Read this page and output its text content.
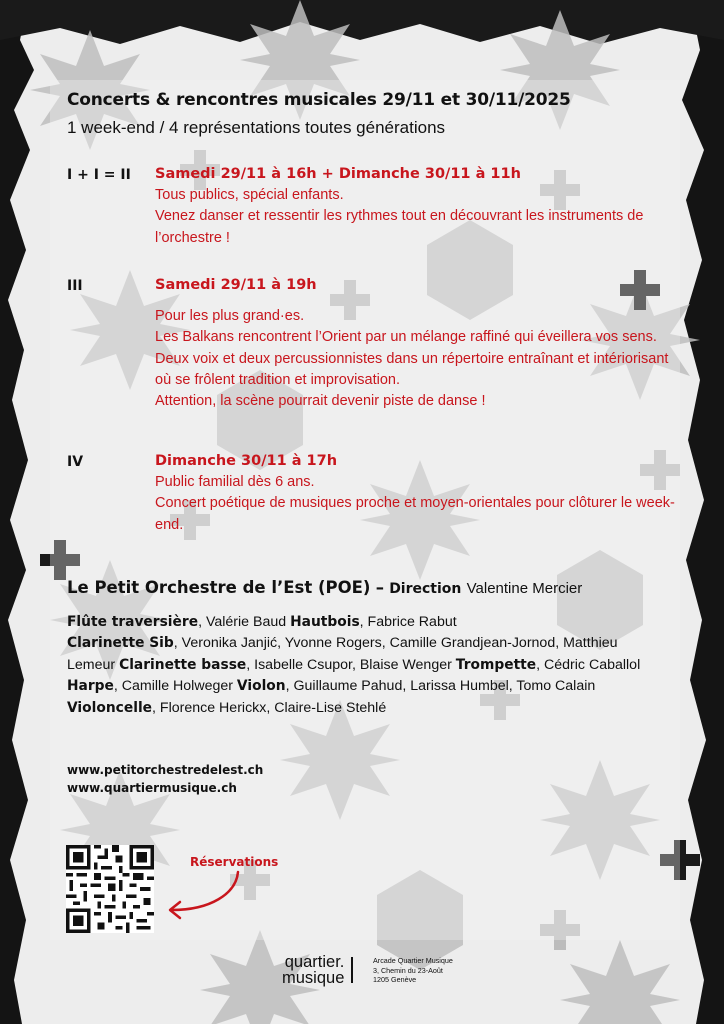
Concerts & rencontres musicales 29/11 et 30/11/2025
1 week-end / 4 représentations toutes générations
I + I = II Samedi 29/11 à 16h + Dimanche 30/11 à 11h
Tous publics, spécial enfants.
Venez danser et ressentir les rythmes tout en découvrant les instruments de l’orchestre !
III	Samedi 29/11 à 19h
Pour les plus grand·es.
Les Balkans rencontrent l’Orient par un mélange raffiné qui éveillera vos sens.
Deux voix et deux percussionnistes dans un répertoire entraînant et intériorisant où se frôlent tradition et improvisation.
Attention, la scène pourrait devenir piste de danse !
IV	Dimanche 30/11 à 17h
Public familial dès 6 ans.
Concert poétique de musiques proche et moyen-orientales pour clôturer le week-end.
Le Petit Orchestre de l’Est (POE) – Direction Valentine Mercier
Flûte traversière, Valérie Baud Hautbois, Fabrice Rabut
Clarinette Sib, Veronika Janjić, Yvonne Rogers, Camille Grandjean-Jornod, Matthieu Lemeur Clarinette basse, Isabelle Csupor, Blaise Wenger Trompette, Cédric Caballol Harpe, Camille Holweger Violon, Guillaume Pahud, Larissa Humbel, Tomo Calain Violoncelle, Florence Herickx, Claire-Lise Stehlé
www.petitorchestredelest.ch
www.quartiermusique.ch
Réservations
quartier.
musique
Arcade Quartier Musique
3, Chemin du 23-Août
1205 Genève
